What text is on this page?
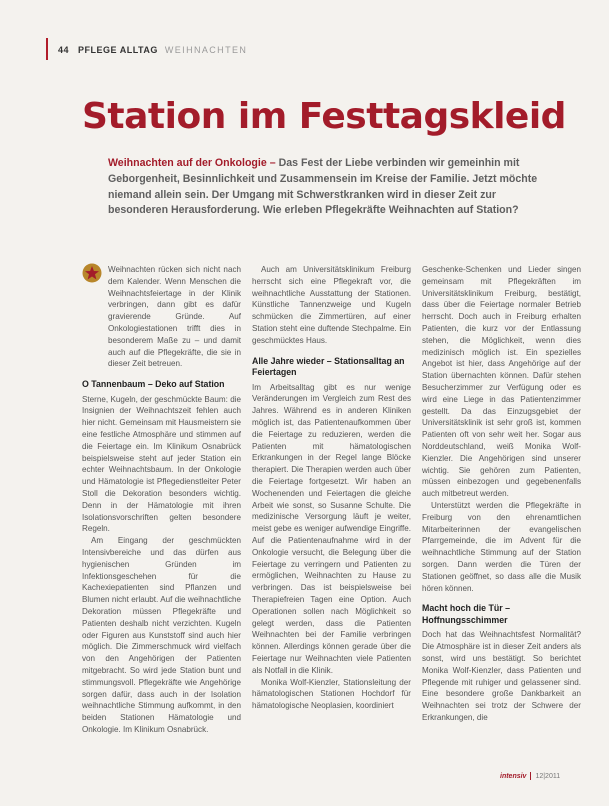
44 PFLEGE ALLTAG WEIHNACHTEN
Station im Festtagskleid
Weihnachten auf der Onkologie – Das Fest der Liebe verbinden wir gemeinhin mit Geborgenheit, Besinnlichkeit und Zusammensein im Kreise der Familie. Jetzt möchte niemand allein sein. Der Umgang mit Schwerstkranken wird in dieser Zeit zur besonderen Herausforderung. Wie erleben Pflegekräfte Weihnachten auf Station?

Weihnachten rücken sich nicht nach dem Kalender. Wenn Menschen die Weihnachtsfeiertage in der Klinik verbringen, dann gibt es dafür gravierende Gründe. Auf Onkologiestationen trifft dies in besonderem Maße zu – und damit auch auf die Pflegekräfte, die sie in dieser Zeit betreuen.

O Tannenbaum – Deko auf Station

Sterne, Kugeln, der geschmückte Baum: die Insignien der Weihnachtszeit fehlen auch hier nicht. Gemeinsam mit Hausmeistern sie eine festliche Atmosphäre und stimmen auf die Feiertage ein. Im Klinikum Osnabrück beispielsweise steht auf jeder Station ein echter Weihnachtsbaum. In der Onkologie und Hämatologie ist Pflegedienstleiter Peter Stoll die Dekoration besonders wichtig. Denn in der Hämatologie mit ihren Isolationsvorschriften gelten besondere Regeln.

Am Eingang der geschmückten Intensivbereiche und das dürfen aus hygienischen Gründen im Infektionsgeschehen für die Kachexiepatienten sind Pflanzen und Blumen nicht erlaubt. Auf die weihnachtliche Dekoration müssen Pflegekräfte und Patienten deshalb nicht verzichten. Kugeln oder Figuren aus Kunststoff sind auch hier möglich. Die Zimmerschmuck wird vielfach von den Angehörigen der Patienten mitgebracht. So wird jede Station bunt und stimmungsvoll. Pflegekräfte wie Angehörige sorgen dafür, dass auch in der Isolation weihnachtliche Stimmung aufkommt, in den beiden Stationen Hämatologie und Onkologie. Im Klinikum Osnabrück.

Auch am Universitätsklinikum Freiburg herrscht sich eine Pflegekraft vor, die weihnachtliche Ausstattung der Stationen. Künstliche Tannenzweige und Kugeln schmücken die Zimmertüren, auf einer Station steht eine duftende Stechpalme. Ein geschmücktes Haus.

Alle Jahre wieder – Stationsalltag an Feiertagen

Im Arbeitsalltag gibt es nur wenige Veränderungen im Vergleich zum Rest des Jahres. Während es in anderen Kliniken möglich ist, das Patientenaufkommen über die Feiertage zu reduzieren, werden die Patienten mit hämatologischen Erkrankungen in der Regel lange Blöcke therapiert. Die Therapien werden auch über die Feiertage fortgesetzt. Wir haben an Wochenenden und Feiertagen die gleiche Arbeit wie sonst, so Susanne Schulte. Die medizinische Versorgung läuft je weiter, meist gebe es weniger aufwendige Eingriffe. Auf die Patientenaufnahme wird in der Onkologie versucht, die Belegung über die Feiertage zu verringern und Patienten zu ermöglichen, Weihnachten zu Hause zu verbringen. Das ist beispielsweise bei Therapiefreien Tagen eine Option. Auch Operationen sollen nach Möglichkeit so gelegt werden, dass die Patienten Weihnachten bei der Familie verbringen können. Allerdings können gerade über die Feiertage nur Weihnachten viele Patienten als Notfall in die Klinik.

Monika Wolf-Kienzler, Stationsleitung der hämatologischen Stationen Hochdorf für hämatologische Neoplasien, koordiniert

Geschenke-Schenken und Lieder singen gemeinsam mit Pflegekräften im Universitätsklinikum Freiburg, bestätigt, dass über die Feiertage normaler Betrieb herrscht. Doch auch in Freiburg erhalten Patienten, die kurz vor der Entlassung stehen, die Möglichkeit, wenn dies medizinisch möglich ist. Ein spezielles Angebot ist hier, dass Angehörige auf der Station übernachten können. Dafür stehen Besucherzimmer zur Verfügung oder es wird eine Liege in das Patientenzimmer gestellt. Da das Einzugsgebiet der Universitätsklinik ist sehr groß ist, kommen Patienten oft von sehr weit her. Sogar aus Norddeutschland, weiß Monika Wolf-Kienzler. Die Angehörigen sind unserer wichtig. Sie gehören zum Patienten, müssen einbezogen und gegebenenfalls auch mitbetreut werden.

Unterstützt werden die Pflegekräfte in Freiburg von den ehrenamtlichen Mitarbeiterinnen der evangelischen Pfarrgemeinde, die im Advent für die weihnachtliche Stimmung auf der Station sorgen. Dann werden die Türen der Stationen geöffnet, so dass alle die Musik hören können.

Macht hoch die Tür – Hoffnungsschimmer

Doch hat das Weihnachtsfest Normalität? Die Atmosphäre ist in dieser Zeit anders als sonst, wird uns bestätigt. So berichtet Monika Wolf-Kienzler, dass Patienten und Pflegende mit ruhiger und gelassener sind. Eine besondere große Dankbarkeit an Weihnachten sei trotz der Schwere der Erkrankungen, die

intensiv 12|2011
